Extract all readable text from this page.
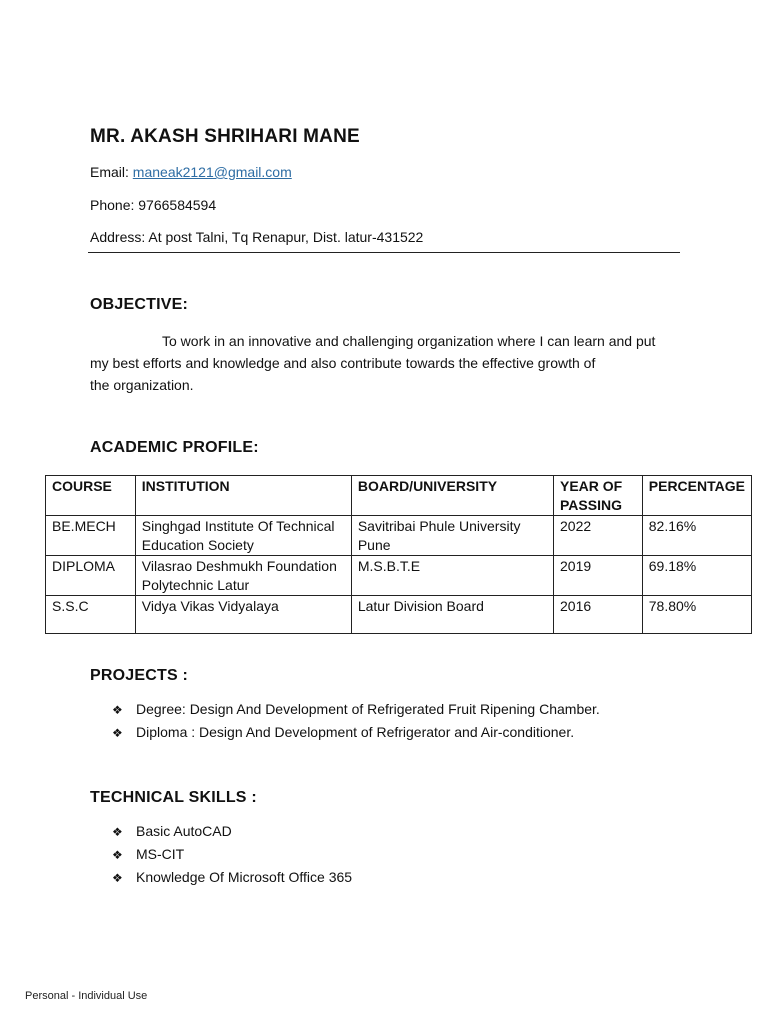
MR. AKASH SHRIHARI MANE
Email: maneak2121@gmail.com
Phone: 9766584594
Address: At post Talni, Tq Renapur, Dist. latur-431522
OBJECTIVE:
To work in an innovative and challenging organization where I can learn and put
my best efforts and knowledge and also contribute towards the effective growth of
the organization.
ACADEMIC PROFILE:
COURSE	INSTITUTION	BOARD/UNIVERSITY	YEAR OF PASSING	PERCENTAGE
BE.MECH	Singhgad Institute Of Technical Education Society	Savitribai Phule University Pune	2022	82.16%
DIPLOMA	Vilasrao Deshmukh Foundation Polytechnic Latur	M.S.B.T.E	2019	69.18%
S.S.C	Vidya Vikas Vidyalaya	Latur Division Board	2016	78.80%
PROJECTS :
❖ Degree: Design And Development of Refrigerated Fruit Ripening Chamber.
❖ Diploma : Design And Development of Refrigerator and Air-conditioner.
TECHNICAL SKILLS :
❖ Basic AutoCAD
❖ MS-CIT
❖ Knowledge Of Microsoft Office 365
Personal - Individual Use
